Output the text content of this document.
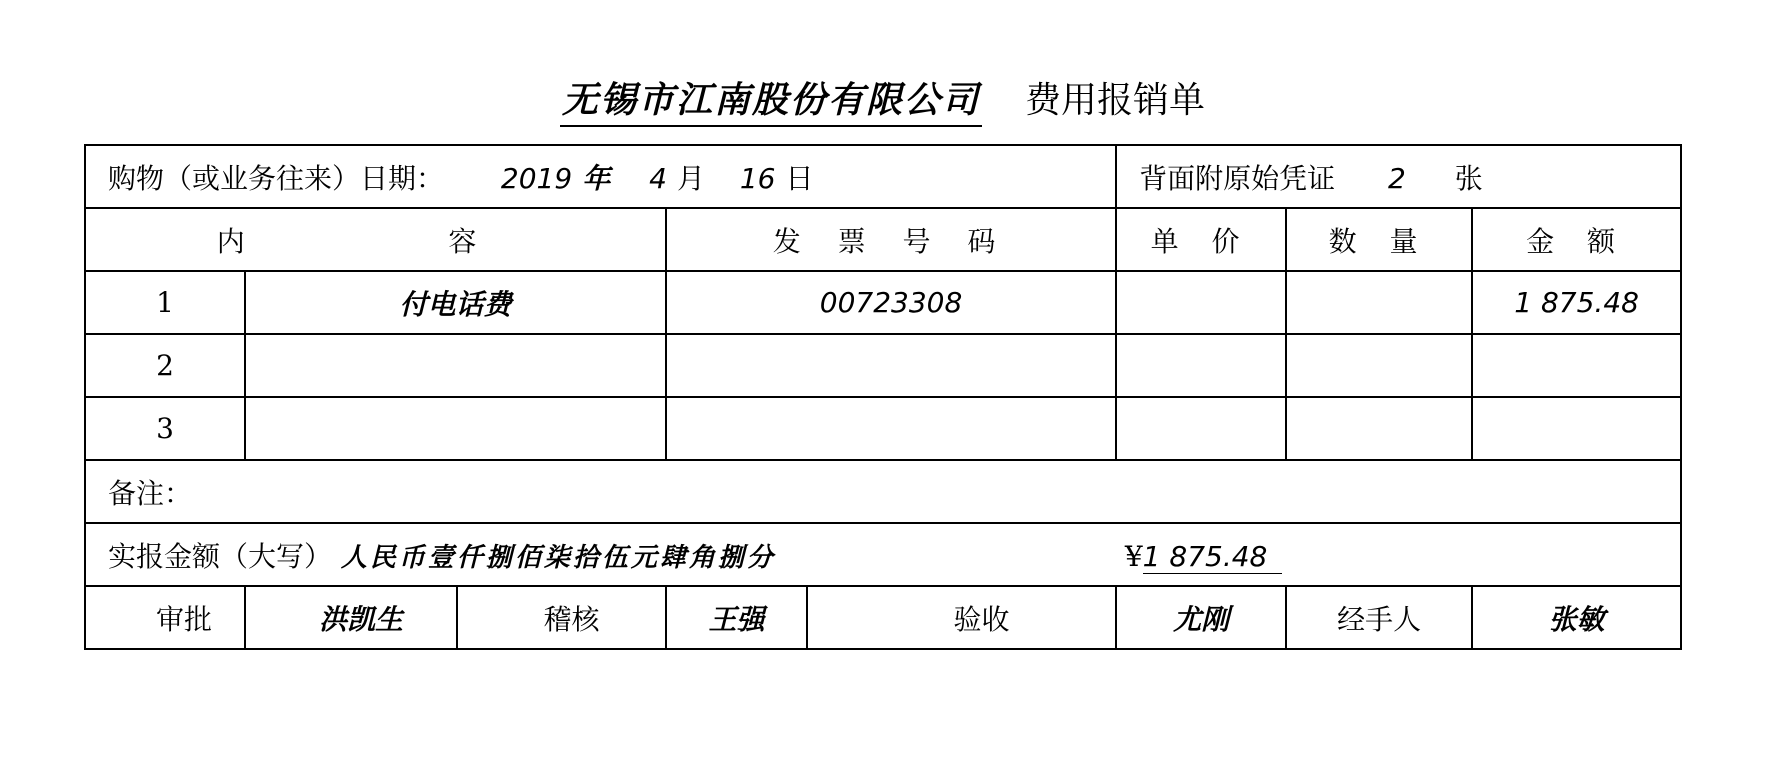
无锡市江南股份有限公司 费用报销单
购物（或业务往来）日期： 2019 年 4 月 16 日					背面附原始凭证 2 张		
内 容			发 票 号 码		单 价	数 量	金 额
1	付电话费		00723308				1 875.48
2							
3							
备注：							
实报金额（大写） 人民币壹仟捌佰柒拾伍元肆角捌分 ¥1 875.48							
审批	洪凯生	稽核	王强	验收	尤刚	经手人	张敏
